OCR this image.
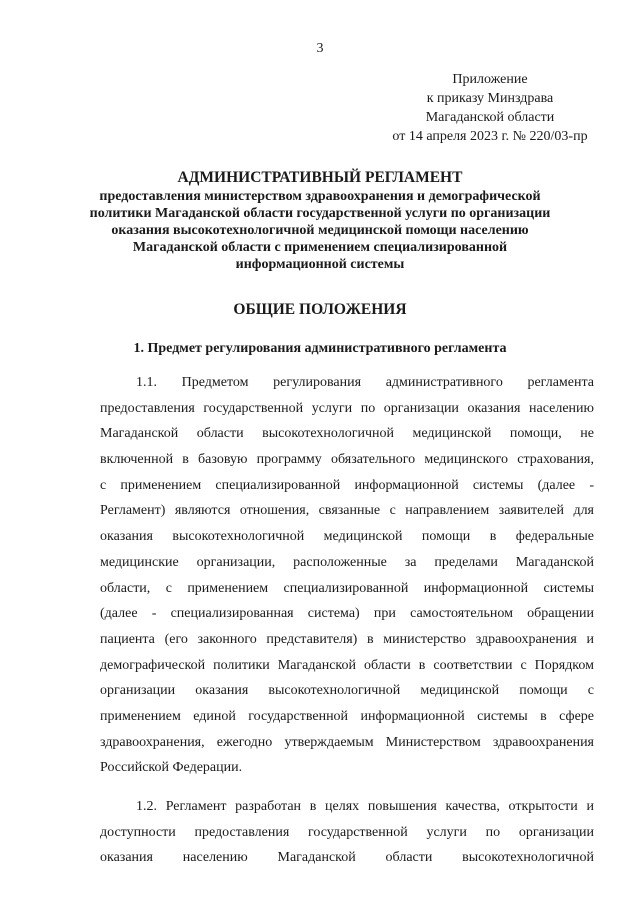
3
Приложение
к приказу Минздрава
Магаданской области
от 14 апреля 2023 г. № 220/03-пр
АДМИНИСТРАТИВНЫЙ РЕГЛАМЕНТ
предоставления министерством здравоохранения и демографической
политики Магаданской области государственной услуги по организации
оказания высокотехнологичной медицинской помощи населению
Магаданской области с применением специализированной
информационной системы
ОБЩИЕ ПОЛОЖЕНИЯ
1. Предмет регулирования административного регламента
1.1. Предметом регулирования административного регламента
предоставления государственной услуги по организации оказания населению
Магаданской области высокотехнологичной медицинской помощи, не
включенной в базовую программу обязательного медицинского страхования,
с применением специализированной информационной системы (далее -
Регламент) являются отношения, связанные с направлением заявителей для
оказания высокотехнологичной медицинской помощи в федеральные
медицинские организации, расположенные за пределами Магаданской
области, с применением специализированной информационной системы
(далее - специализированная система) при самостоятельном обращении
пациента (его законного представителя) в министерство здравоохранения и
демографической политики Магаданской области в соответствии с Порядком
организации оказания высокотехнологичной медицинской помощи с
применением единой государственной информационной системы в сфере
здравоохранения, ежегодно утверждаемым Министерством здравоохранения
Российской Федерации.
1.2. Регламент разработан в целях повышения качества, открытости и
доступности предоставления государственной услуги по организации
оказания населению Магаданской области высокотехнологичной
